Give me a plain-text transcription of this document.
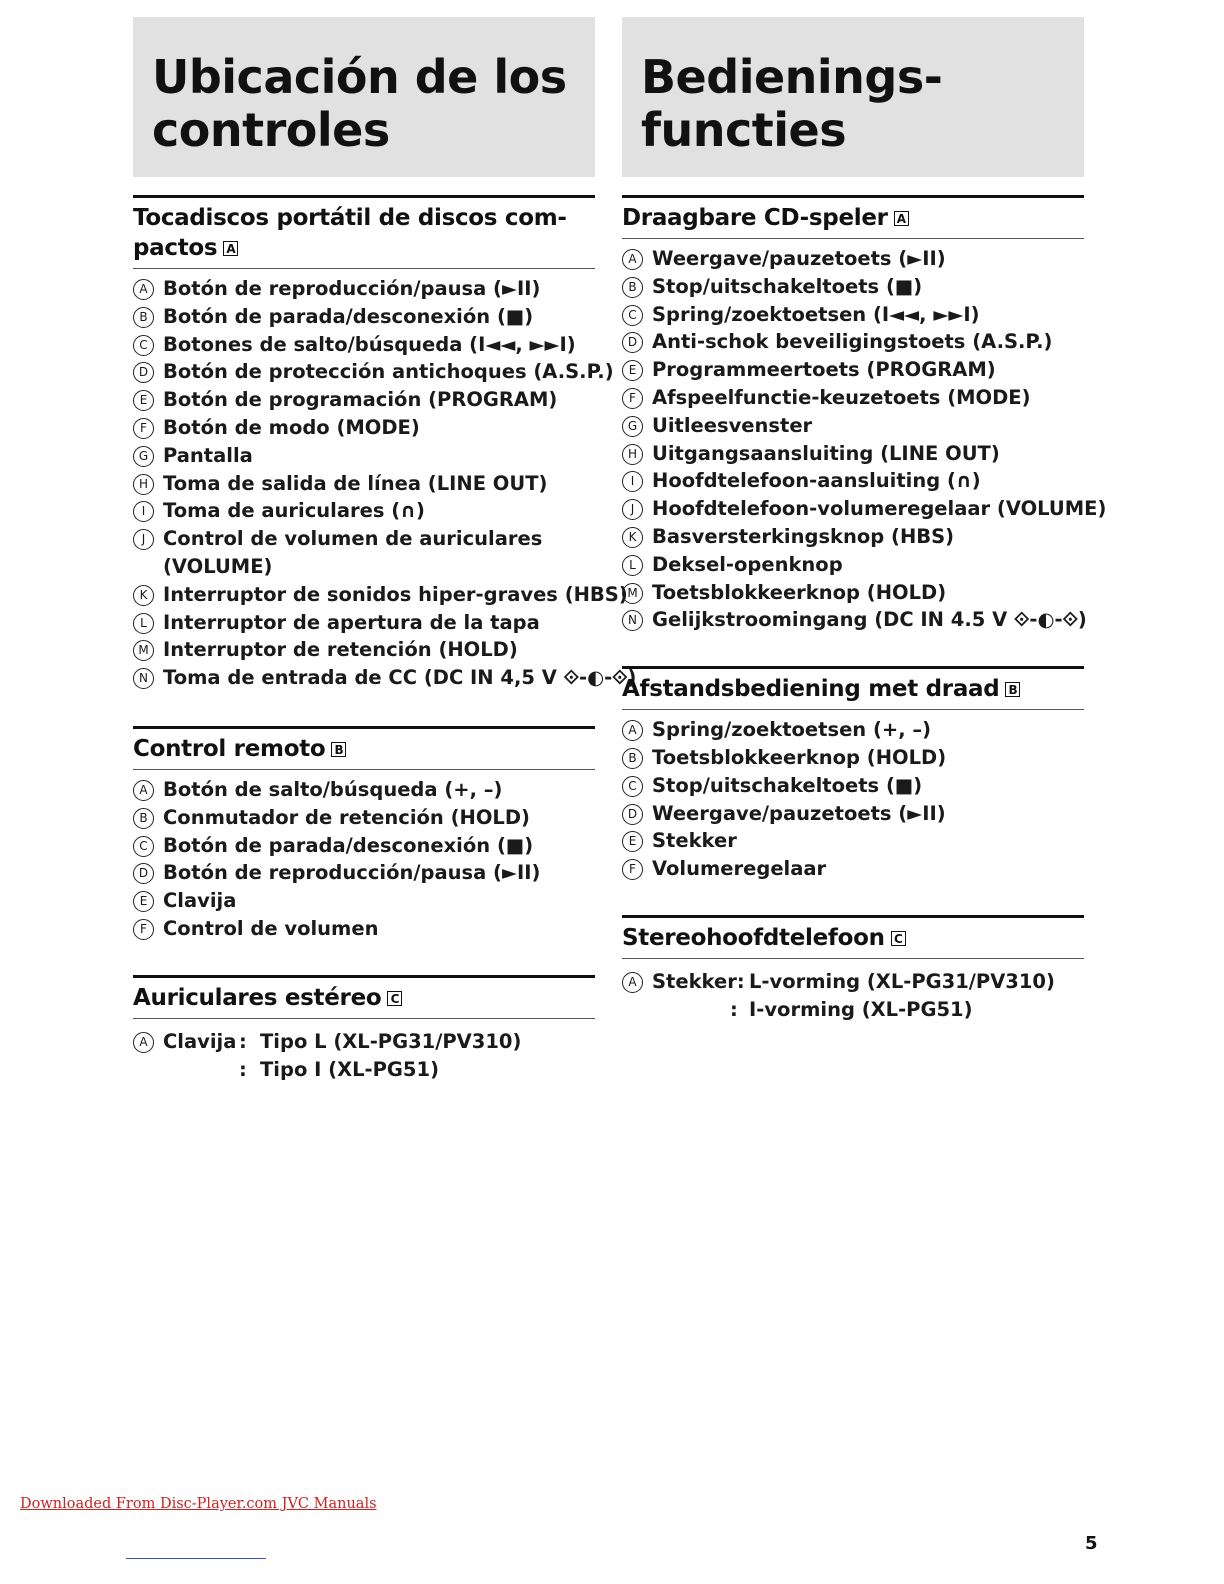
Ubicación de los
controles
Tocadiscos portátil de discos com-
pactos A
A Botón de reproducción/pausa (►II)
B Botón de parada/desconexión (■)
C Botones de salto/búsqueda (I◄◄, ►►I)
D Botón de protección antichoques (A.S.P.)
E Botón de programación (PROGRAM)
F Botón de modo (MODE)
G Pantalla
H Toma de salida de línea (LINE OUT)
I Toma de auriculares (∩)
J Control de volumen de auriculares
(VOLUME)
K Interruptor de sonidos hiper-graves (HBS)
L Interruptor de apertura de la tapa
M Interruptor de retención (HOLD)
N Toma de entrada de CC (DC IN 4,5 V ⟐-◐-⟐)
Control remoto B
A Botón de salto/búsqueda (+, –)
B Conmutador de retención (HOLD)
C Botón de parada/desconexión (■)
D Botón de reproducción/pausa (►II)
E Clavija
F Control de volumen
Auriculares estéreo C
A Clavija : Tipo L (XL-PG31/PV310)
: Tipo I (XL-PG51)
Bedienings-
functies
Draagbare CD-speler A
A Weergave/pauzetoets (►II)
B Stop/uitschakeltoets (■)
C Spring/zoektoetsen (I◄◄, ►►I)
D Anti-schok beveiligingstoets (A.S.P.)
E Programmeertoets (PROGRAM)
F Afspeelfunctie-keuzetoets (MODE)
G Uitleesvenster
H Uitgangsaansluiting (LINE OUT)
I Hoofdtelefoon-aansluiting (∩)
J Hoofdtelefoon-volumeregelaar (VOLUME)
K Basversterkingsknop (HBS)
L Deksel-openknop
M Toetsblokkeerknop (HOLD)
N Gelijkstroomingang (DC IN 4.5 V ⟐-◐-⟐)
Afstandsbediening met draad B
A Spring/zoektoetsen (+, –)
B Toetsblokkeerknop (HOLD)
C Stop/uitschakeltoets (■)
D Weergave/pauzetoets (►II)
E Stekker
F Volumeregelaar
Stereohoofdtelefoon C
A Stekker: L-vorming (XL-PG31/PV310)
: I-vorming (XL-PG51)
Downloaded From Disc-Player.com JVC Manuals
5
